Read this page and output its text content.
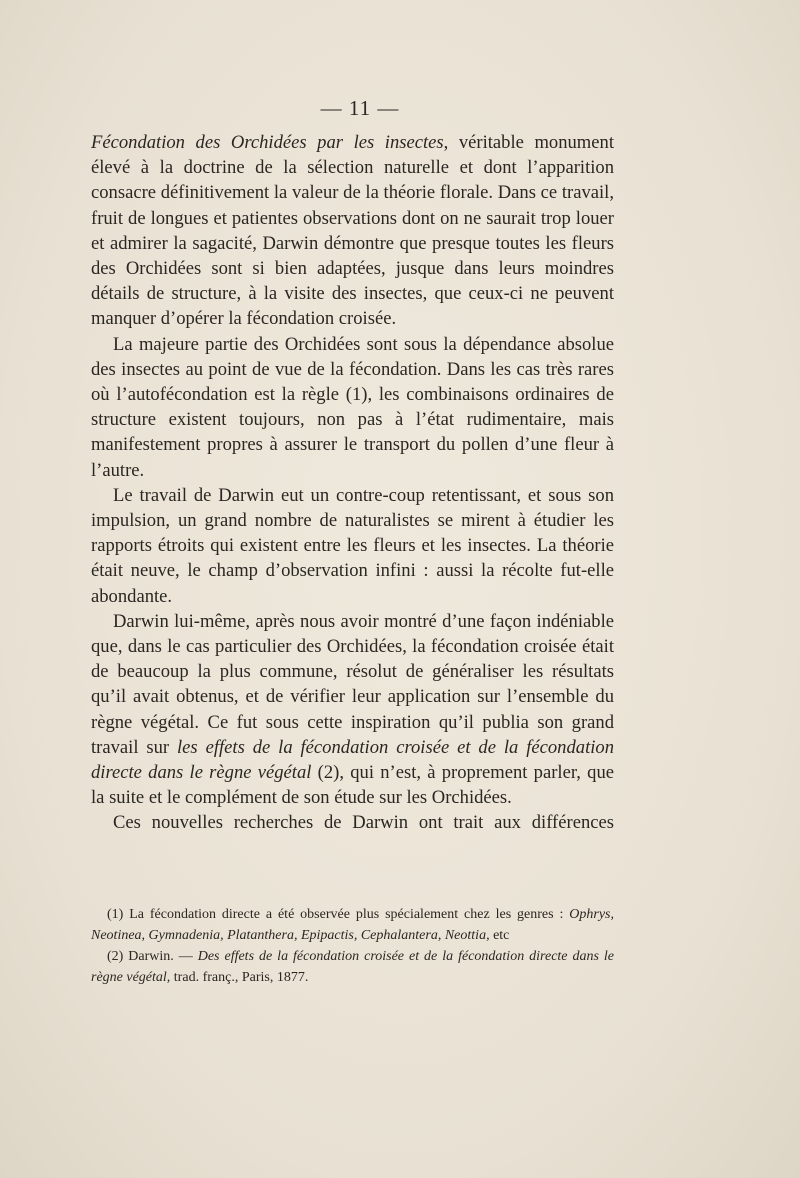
— 11 —

Fécondation des Orchidées par les insectes, véritable monument élevé à la doctrine de la sélection naturelle et dont l’apparition consacre définitivement la valeur de la théorie florale. Dans ce travail, fruit de longues et patientes observations dont on ne saurait trop louer et admirer la sagacité, Darwin démontre que presque toutes les fleurs des Orchidées sont si bien adaptées, jusque dans leurs moindres détails de structure, à la visite des insectes, que ceux-ci ne peuvent manquer d’opérer la fécondation croisée.

La majeure partie des Orchidées sont sous la dépendance absolue des insectes au point de vue de la fécondation. Dans les cas très rares où l’autofécondation est la règle (1), les combinaisons ordinaires de structure existent toujours, non pas à l’état rudimentaire, mais manifestement propres à assurer le transport du pollen d’une fleur à l’autre.

Le travail de Darwin eut un contre-coup retentissant, et sous son impulsion, un grand nombre de naturalistes se mirent à étudier les rapports étroits qui existent entre les fleurs et les insectes. La théorie était neuve, le champ d’observation infini : aussi la récolte fut-elle abondante.

Darwin lui-même, après nous avoir montré d’une façon indéniable que, dans le cas particulier des Orchidées, la fécondation croisée était de beaucoup la plus commune, résolut de généraliser les résultats qu’il avait obtenus, et de vérifier leur application sur l’ensemble du règne végétal. Ce fut sous cette inspiration qu’il publia son grand travail sur les effets de la fécondation croisée et de la fécondation directe dans le règne végétal (2), qui n’est, à proprement parler, que la suite et le complément de son étude sur les Orchidées.

Ces nouvelles recherches de Darwin ont trait aux différences

(1) La fécondation directe a été observée plus spécialement chez les genres : Ophrys, Neotinea, Gymnadenia, Platanthera, Epipactis, Cephalantera, Neottia, etc

(2) Darwin. — Des effets de la fécondation croisée et de la fécondation directe dans le règne végétal, trad. franç., Paris, 1877.
